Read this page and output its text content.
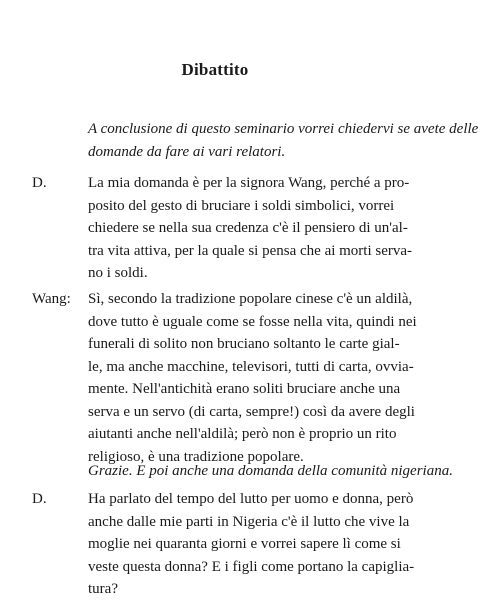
Dibattito
A conclusione di questo seminario vorrei chiedervi se avete delle
domande da fare ai vari relatori.
D.	La mia domanda è per la signora Wang, perché a pro-
posito del gesto di bruciare i soldi simbolici, vorrei
chiedere se nella sua credenza c'è il pensiero di un'al-
tra vita attiva, per la quale si pensa che ai morti serva-
no i soldi.
Wang: Sì, secondo la tradizione popolare cinese c'è un aldilà,
dove tutto è uguale come se fosse nella vita, quindi nei
funerali di solito non bruciano soltanto le carte gial-
le, ma anche macchine, televisori, tutti di carta, ovvia-
mente. Nell'antichità erano soliti bruciare anche una
serva e un servo (di carta, sempre!) così da avere degli
aiutanti anche nell'aldilà; però non è proprio un rito
religioso, è una tradizione popolare.
Grazie. E poi anche una domanda della comunità nigeriana.
D.	Ha parlato del tempo del lutto per uomo e donna, però
anche dalle mie parti in Nigeria c'è il lutto che vive la
moglie nei quaranta giorni e vorrei sapere lì come si
veste questa donna? E i figli come portano la capiglia-
tura?
